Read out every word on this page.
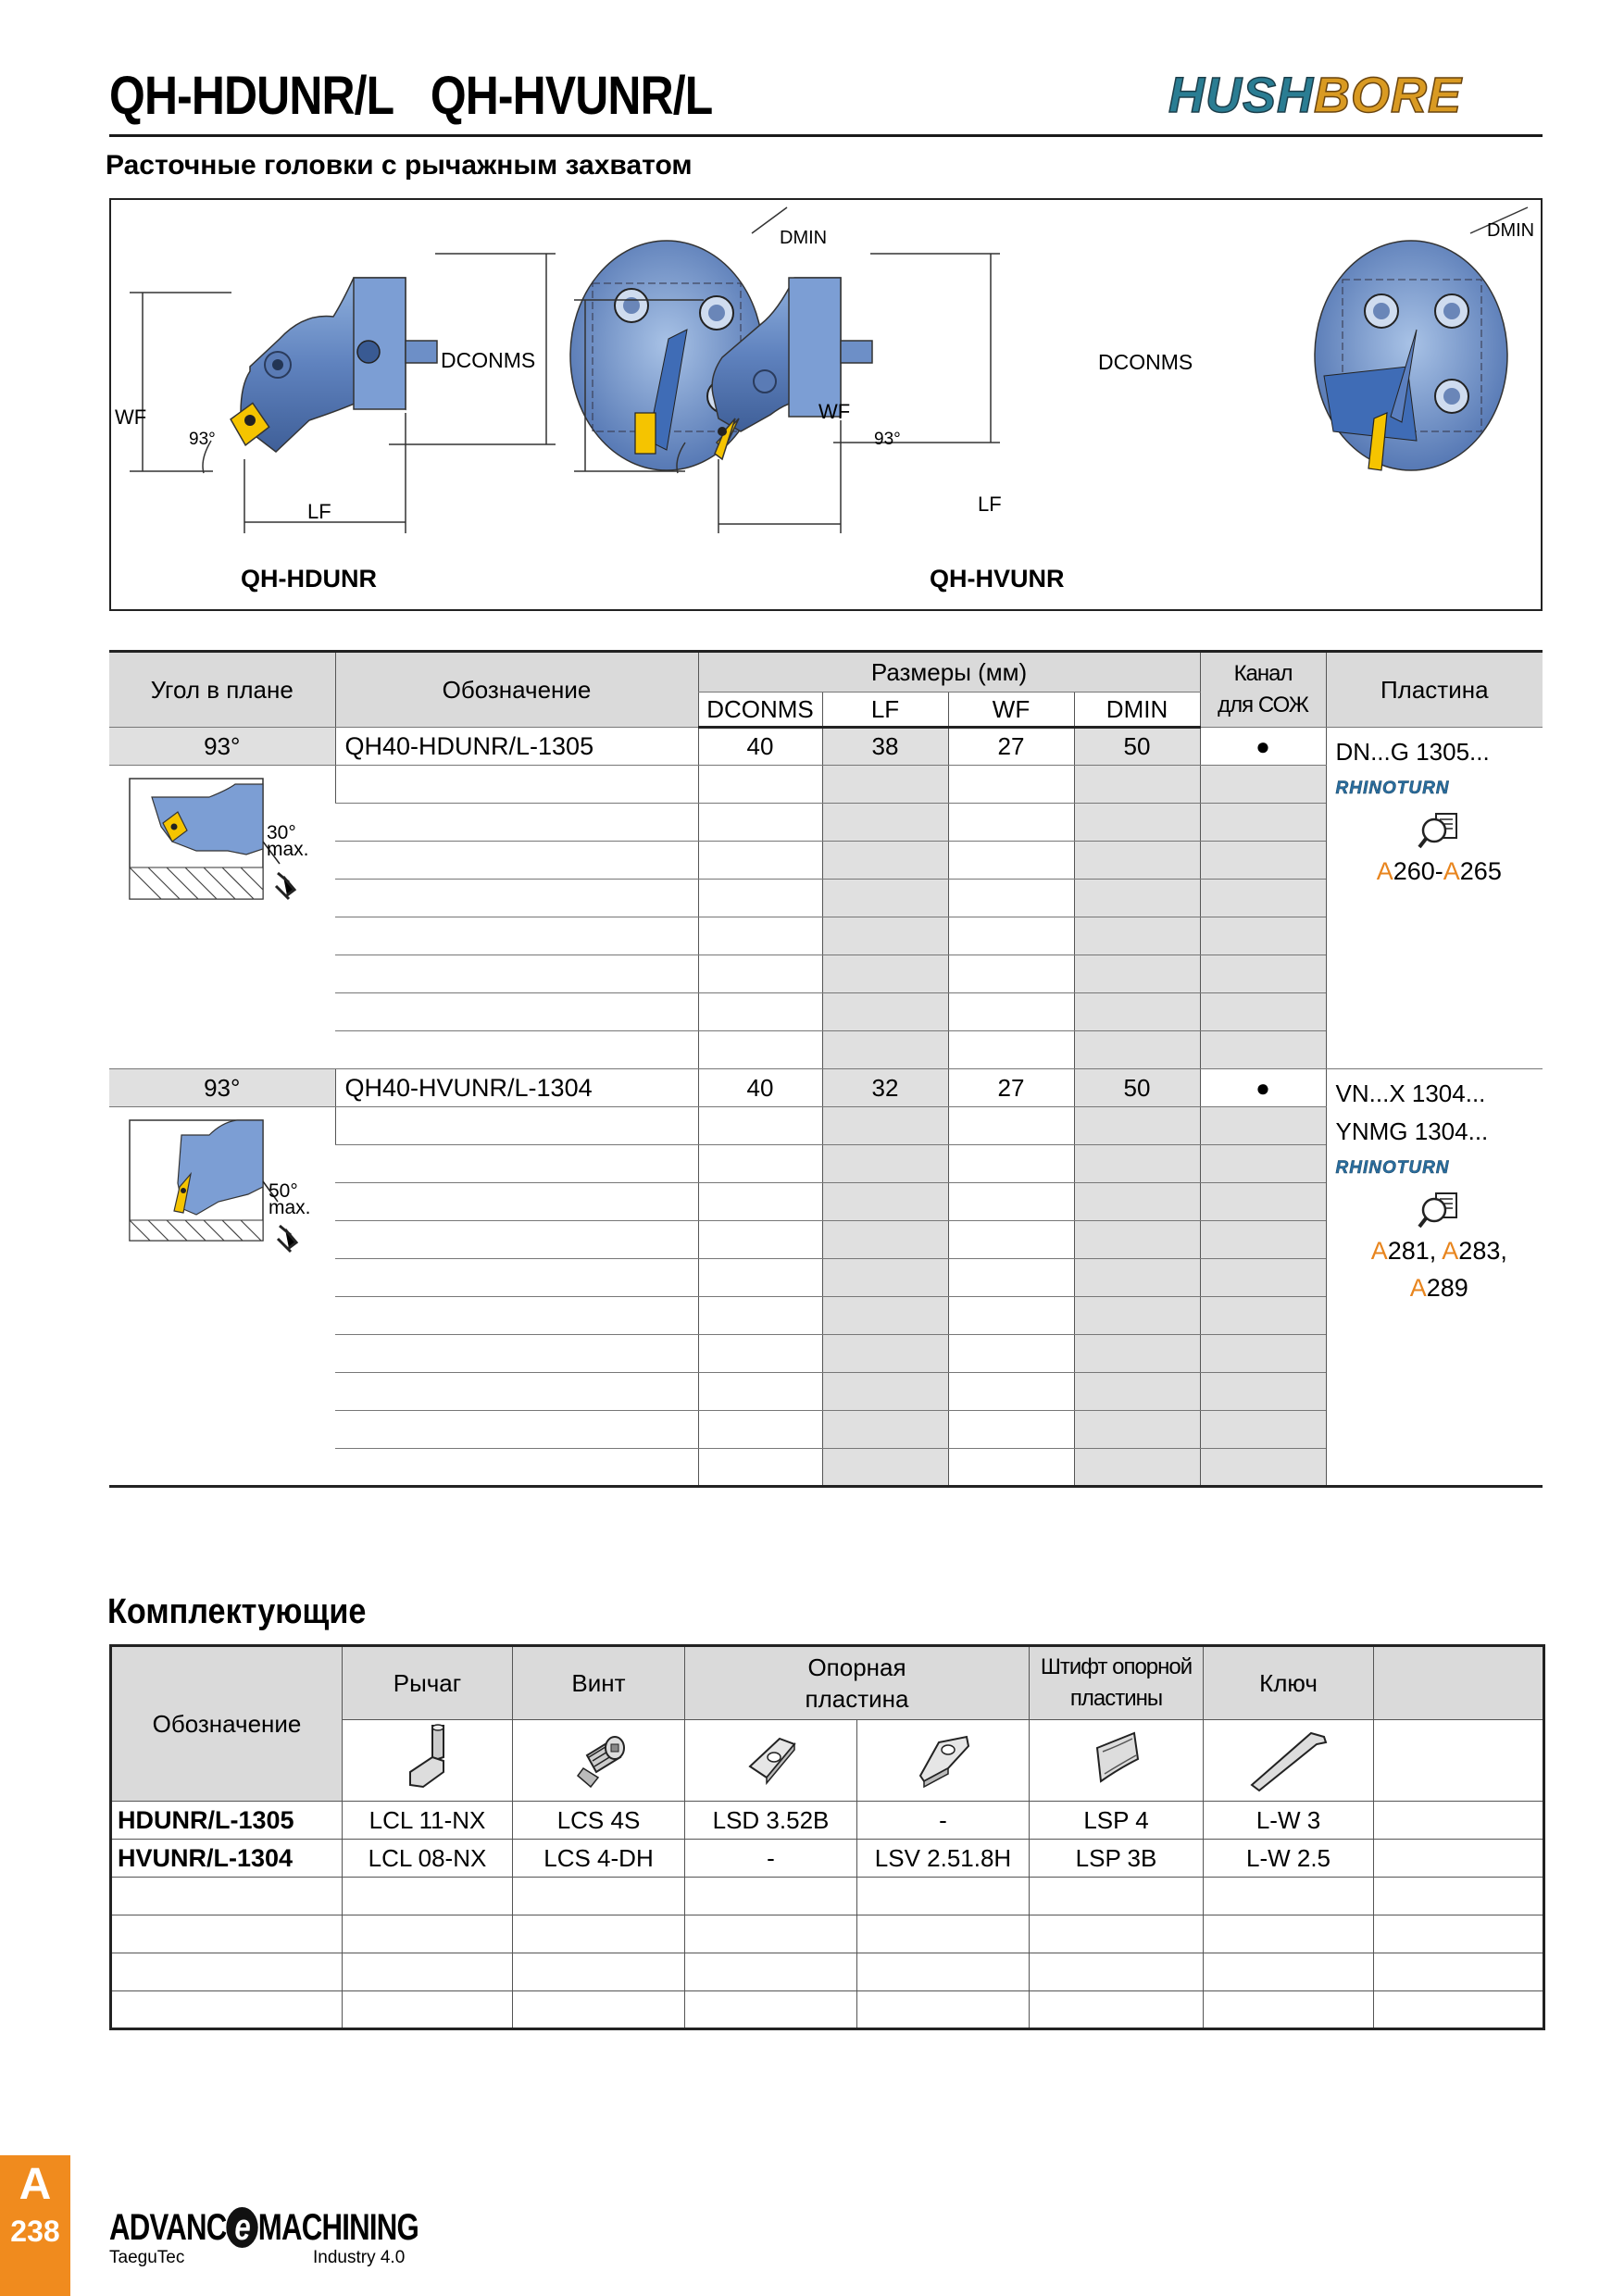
QH-HDUNR/L QH-HVUNR/L	HUSHBORE
Расточные головки с рычажным захватом
DMIN	DMIN
DCONMS	DCONMS
WF	WF
LF	LF
93°	93°
QH-HDUNR	QH-HVUNR
Угол в плане	Обозначение	Размеры (мм)				Канал
для СОЖ	Пластина
		DCONMS	LF	WF	DMIN		
93°	QH40-HDUNR/L-1305	40	38	27	50	●	DN...G 1305...
RHINOTURN
A260-A265

30°
max.							

93°	QH40-HVUNR/L-1304	40	32	27	50	●	VN...X 1304...
YNMG 1304...
RHINOTURN
A281, A283,
A289

50°
max.							

Комплектующие
Обозначение	Рычаг	Винт	Опорная
пластина		Штифт опорной
пластины	Ключ	

HDUNR/L-1305	LCL 11-NX	LCS 4S	LSD 3.52B	-	LSP 4	L-W 3	
HVUNR/L-1304	LCL 08-NX	LCS 4-DH	-	LSV 2.51.8H	LSP 3B	L-W 2.5	

A
238 ADVANC e MACHINING
TaeguTec	Industry 4.0
